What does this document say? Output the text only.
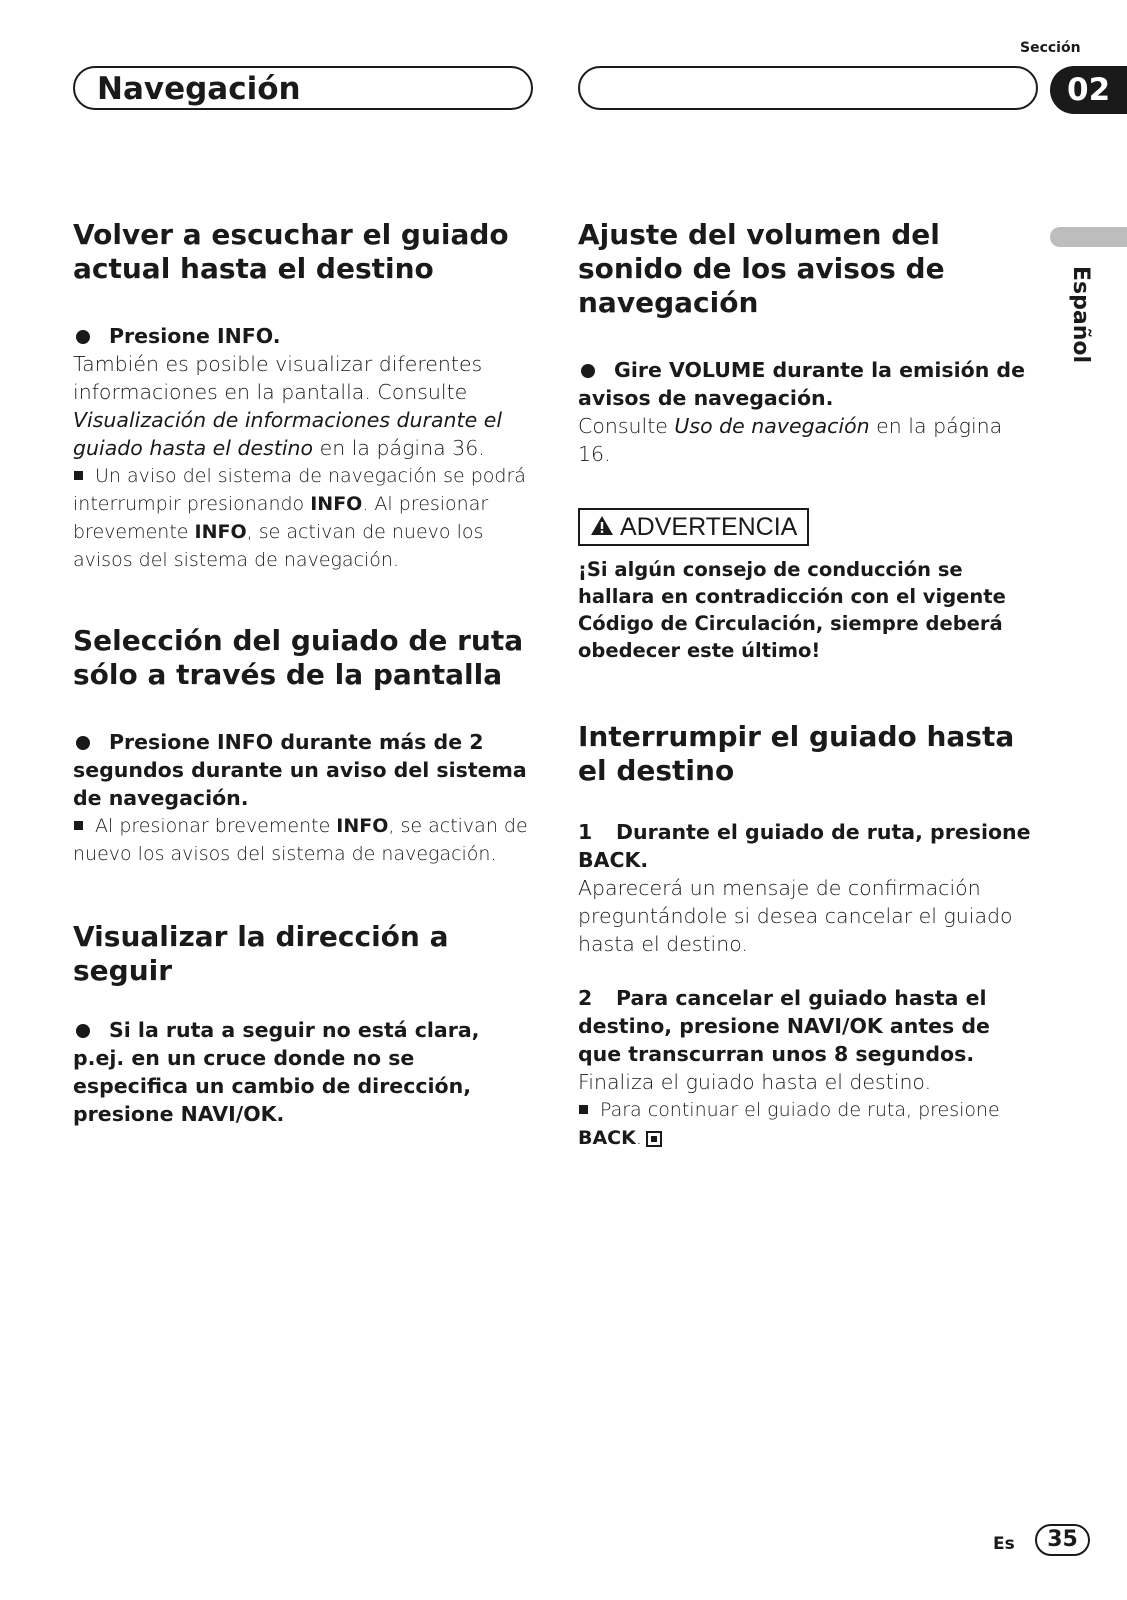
Sección
Navegación	02
Español
Volver a escuchar el guiado actual hasta el destino

Presione INFO.

También es posible visualizar diferentes informaciones en la pantalla. Consulte Visualización de informaciones durante el guiado hasta el destino en la página 36.

Un aviso del sistema de navegación se podrá interrumpir presionando INFO. Al presionar brevemente INFO, se activan de nuevo los avisos del sistema de navegación.

Selección del guiado de ruta sólo a través de la pantalla

Presione INFO durante más de 2 segundos durante un aviso del sistema de navegación.

Al presionar brevemente INFO, se activan de nuevo los avisos del sistema de navegación.

Visualizar la dirección a seguir

Si la ruta a seguir no está clara, p.ej. en un cruce donde no se especifica un cambio de dirección, presione NAVI/OK.

Ajuste del volumen del sonido de los avisos de navegación

Gire VOLUME durante la emisión de avisos de navegación.

Consulte Uso de navegación en la página 16.

ADVERTENCIA

¡Si algún consejo de conducción se hallara en contradicción con el vigente Código de Circulación, siempre deberá obedecer este último!

Interrumpir el guiado hasta el destino

1 Durante el guiado de ruta, presione BACK.

Aparecerá un mensaje de confirmación preguntándole si desea cancelar el guiado hasta el destino.

2 Para cancelar el guiado hasta el destino, presione NAVI/OK antes de que transcurran unos 8 segundos.

Finaliza el guiado hasta el destino.

Para continuar el guiado de ruta, presione BACK.

Es	35
